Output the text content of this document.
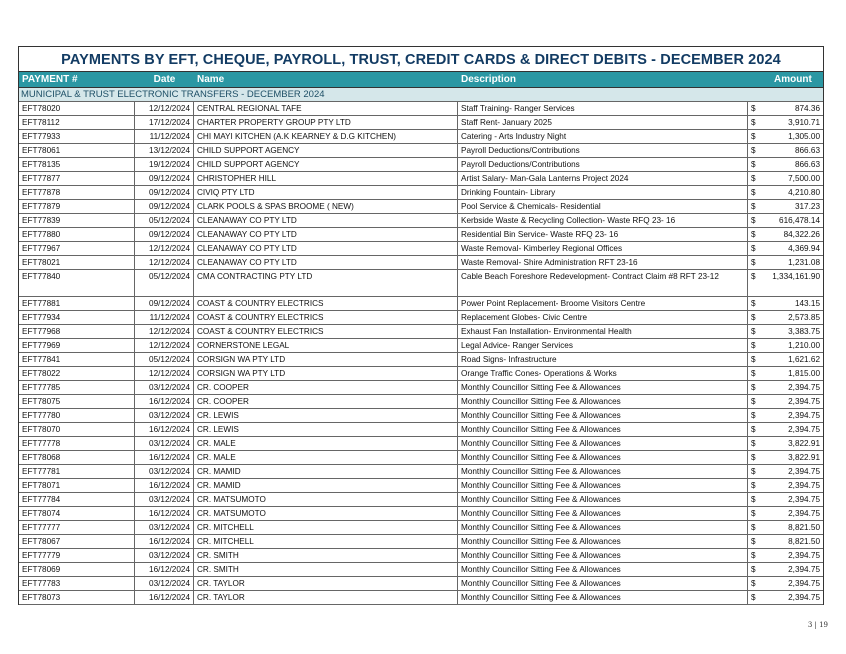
PAYMENTS BY EFT, CHEQUE, PAYROLL, TRUST, CREDIT CARDS & DIRECT DEBITS - DECEMBER 2024
PAYMENT #	Date	Name	Description	Amount
MUNICIPAL & TRUST ELECTRONIC TRANSFERS - DECEMBER 2024
EFT78020	12/12/2024 CENTRAL REGIONAL TAFE	Staff Training- Ranger Services	$	874.36
EFT78112	17/12/2024 CHARTER PROPERTY GROUP PTY LTD	Staff Rent- January 2025	$	3,910.71
EFT77933	11/12/2024 CHI MAYI KITCHEN (A.K KEARNEY & D.G KITCHEN)	Catering - Arts Industry Night	$	1,305.00
EFT78061	13/12/2024 CHILD SUPPORT AGENCY	Payroll Deductions/Contributions	$	866.63
EFT78135	19/12/2024 CHILD SUPPORT AGENCY	Payroll Deductions/Contributions	$	866.63
EFT77877	09/12/2024 CHRISTOPHER HILL	Artist Salary- Man-Gala Lanterns Project 2024	$	7,500.00
EFT77878	09/12/2024 CIVIQ PTY LTD	Drinking Fountain- Library	$	4,210.80
EFT77879	09/12/2024 CLARK POOLS & SPAS BROOME ( NEW)	Pool Service & Chemicals- Residential	$	317.23
EFT77839	05/12/2024 CLEANAWAY CO PTY LTD	Kerbside Waste & Recycling Collection- Waste RFQ 23- 16	$	616,478.14
EFT77880	09/12/2024 CLEANAWAY CO PTY LTD	Residential Bin Service- Waste RFQ 23- 16	$	84,322.26
EFT77967	12/12/2024 CLEANAWAY CO PTY LTD	Waste Removal- Kimberley Regional Offices	$	4,369.94
EFT78021	12/12/2024 CLEANAWAY CO PTY LTD	Waste Removal- Shire Administration RFT 23-16	$	1,231.08
EFT77840	05/12/2024 CMA CONTRACTING PTY LTD	Cable Beach Foreshore Redevelopment- Contract Claim #8 RFT 23-12	$ 1,334,161.90
EFT77881	09/12/2024 COAST & COUNTRY ELECTRICS	Power Point Replacement- Broome Visitors Centre	$	143.15
EFT77934	11/12/2024 COAST & COUNTRY ELECTRICS	Replacement Globes- Civic Centre	$	2,573.85
EFT77968	12/12/2024 COAST & COUNTRY ELECTRICS	Exhaust Fan Installation- Environmental Health	$	3,383.75
EFT77969	12/12/2024 CORNERSTONE LEGAL	Legal Advice- Ranger Services	$	1,210.00
EFT77841	05/12/2024 CORSIGN WA PTY LTD	Road Signs- Infrastructure	$	1,621.62
EFT78022	12/12/2024 CORSIGN WA PTY LTD	Orange Traffic Cones- Operations & Works	$	1,815.00
EFT77785	03/12/2024 CR. COOPER	Monthly Councillor Sitting Fee & Allowances	$	2,394.75
EFT78075	16/12/2024 CR. COOPER	Monthly Councillor Sitting Fee & Allowances	$	2,394.75
EFT77780	03/12/2024 CR. LEWIS	Monthly Councillor Sitting Fee & Allowances	$	2,394.75
EFT78070	16/12/2024 CR. LEWIS	Monthly Councillor Sitting Fee & Allowances	$	2,394.75
EFT77778	03/12/2024 CR. MALE	Monthly Councillor Sitting Fee & Allowances	$	3,822.91
EFT78068	16/12/2024 CR. MALE	Monthly Councillor Sitting Fee & Allowances	$	3,822.91
EFT77781	03/12/2024 CR. MAMID	Monthly Councillor Sitting Fee & Allowances	$	2,394.75
EFT78071	16/12/2024 CR. MAMID	Monthly Councillor Sitting Fee & Allowances	$	2,394.75
EFT77784	03/12/2024 CR. MATSUMOTO	Monthly Councillor Sitting Fee & Allowances	$	2,394.75
EFT78074	16/12/2024 CR. MATSUMOTO	Monthly Councillor Sitting Fee & Allowances	$	2,394.75
EFT77777	03/12/2024 CR. MITCHELL	Monthly Councillor Sitting Fee & Allowances	$	8,821.50
EFT78067	16/12/2024 CR. MITCHELL	Monthly Councillor Sitting Fee & Allowances	$	8,821.50
EFT77779	03/12/2024 CR. SMITH	Monthly Councillor Sitting Fee & Allowances	$	2,394.75
EFT78069	16/12/2024 CR. SMITH	Monthly Councillor Sitting Fee & Allowances	$	2,394.75
EFT77783	03/12/2024 CR. TAYLOR	Monthly Councillor Sitting Fee & Allowances	$	2,394.75
EFT78073	16/12/2024 CR. TAYLOR	Monthly Councillor Sitting Fee & Allowances	$	2,394.75
3 | 19
